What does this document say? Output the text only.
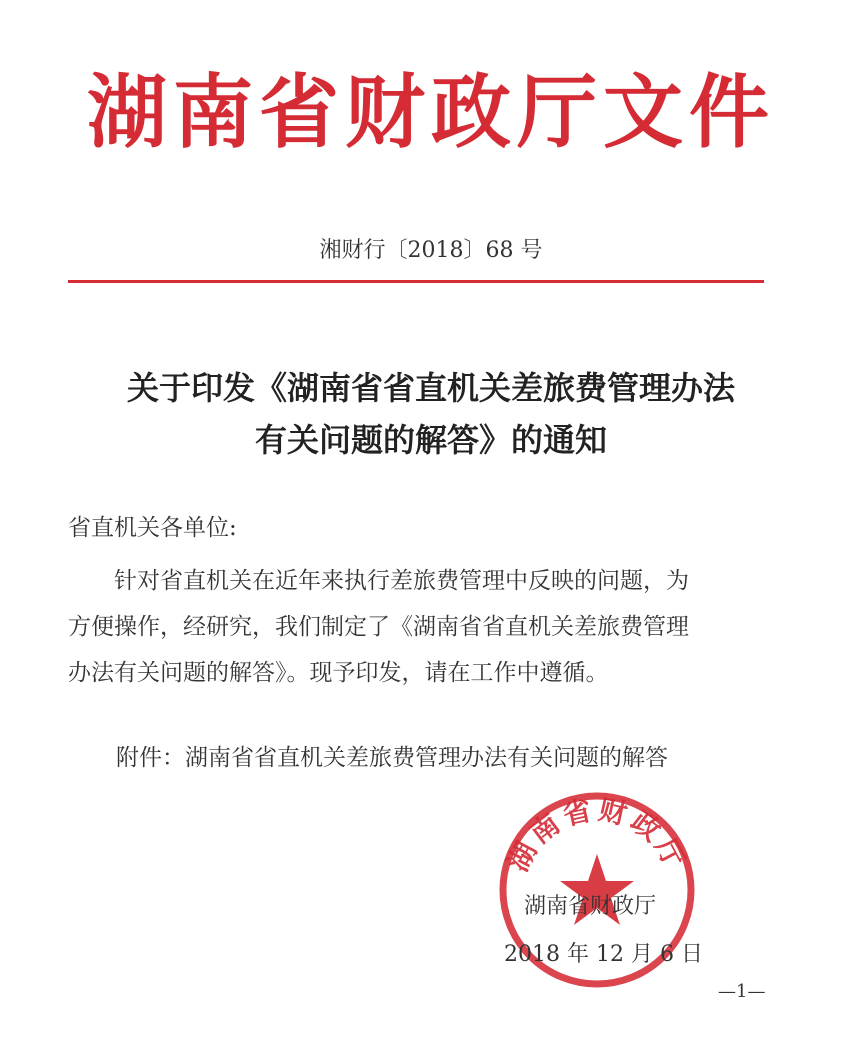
湖南省财政厅文件
湘财行〔2018〕68 号
关于印发《湖南省省直机关差旅费管理办法
有关问题的解答》的通知
省直机关各单位:
针对省直机关在近年来执行差旅费管理中反映的问题，为
方便操作，经研究，我们制定了《湖南省省直机关差旅费管理
办法有关问题的解答》。现予印发，请在工作中遵循。
附件：湖南省省直机关差旅费管理办法有关问题的解答
湖南省财政厅
湖南省财政厅
2018 年 12 月 6 日
—1—
